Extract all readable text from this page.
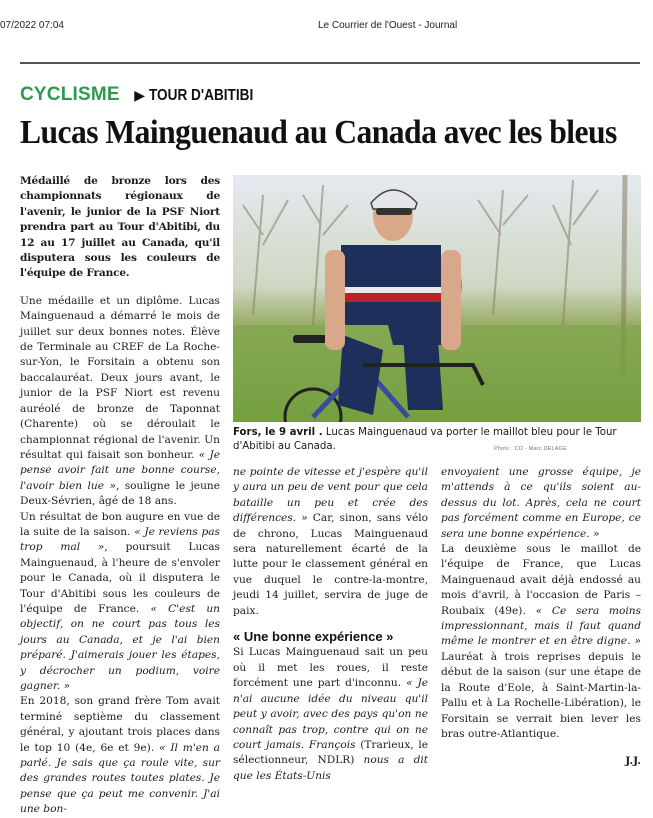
07/2022 07:04	Le Courrier de l'Ouest - Journal
CYCLISME ▶ TOUR D'ABITIBI
Lucas Mainguenaud au Canada avec les bleus

Médaillé de bronze lors des championnats régionaux de l'avenir, le junior de la PSF Niort prendra part au Tour d'Abitibi, du 12 au 17 juillet au Canada, qu'il disputera sous les couleurs de l'équipe de France.

Une médaille et un diplôme. Lucas Mainguenaud a démarré le mois de juillet sur deux bonnes notes. Élève de Terminale au CREF de La Roche-sur-Yon, le Forsitain a obtenu son baccalauréat. Deux jours avant, le junior de la PSF Niort est revenu auréolé de bronze de Taponnat (Charente) où se déroulait le championnat régional de l'avenir. Un résultat qui faisait son bonheur. « Je pense avoir fait une bonne course, l'avoir bien lue », souligne le jeune Deux-Sévrien, âgé de 18 ans.

Un résultat de bon augure en vue de la suite de la saison. « Je reviens pas trop mal », poursuit Lucas Mainguenaud, à l'heure de s'envoler pour le Canada, où il disputera le Tour d'Abitibi sous les couleurs de l'équipe de France. « C'est un objectif, on ne court pas tous les jours au Canada, et je l'ai bien préparé. J'aimerais jouer les étapes, y décrocher un podium, voire gagner. »

En 2018, son grand frère Tom avait terminé septième du classement général, y ajoutant trois places dans le top 10 (4e, 6e et 9e). « Il m'en a parlé. Je sais que ça roule vite, sur des grandes routes toutes plates. Je pense que ça peut me convenir. J'ai une bon-

Fors, le 9 avril . Lucas Mainguenaud va porter le maillot bleu pour le Tour d'Abitibi au Canada.	Photo : CO - Marc DELAGE

ne pointe de vitesse et j'espère qu'il y aura un peu de vent pour que cela bataille un peu et crée des différences. » Car, sinon, sans vélo de chrono, Lucas Mainguenaud sera naturellement écarté de la lutte pour le classement général en vue duquel le contre-la-montre, jeudi 14 juillet, servira de juge de paix.

« Une bonne expérience »

Si Lucas Mainguenaud sait un peu où il met les roues, il reste forcément une part d'inconnu. « Je n'ai aucune idée du niveau qu'il peut y avoir, avec des pays qu'on ne connaît pas trop, contre qui on ne court jamais. François (Trarieux, le sélectionneur, NDLR) nous a dit que les États-Unis

envoyaient une grosse équipe, je m'attends à ce qu'ils soient au-dessus du lot. Après, cela ne court pas forcément comme en Europe, ce sera une bonne expérience. »

La deuxième sous le maillot de l'équipe de France, que Lucas Mainguenaud avait déjà endossé au mois d'avril, à l'occasion de Paris – Roubaix (49e). « Ce sera moins impressionnant, mais il faut quand même le montrer et en être digne. » Lauréat à trois reprises depuis le début de la saison (sur une étape de la Route d'Eole, à Saint-Martin-la-Pallu et à La Rochelle-Libération), le Forsitain se verrait bien lever les bras outre-Atlantique.

J.J.
